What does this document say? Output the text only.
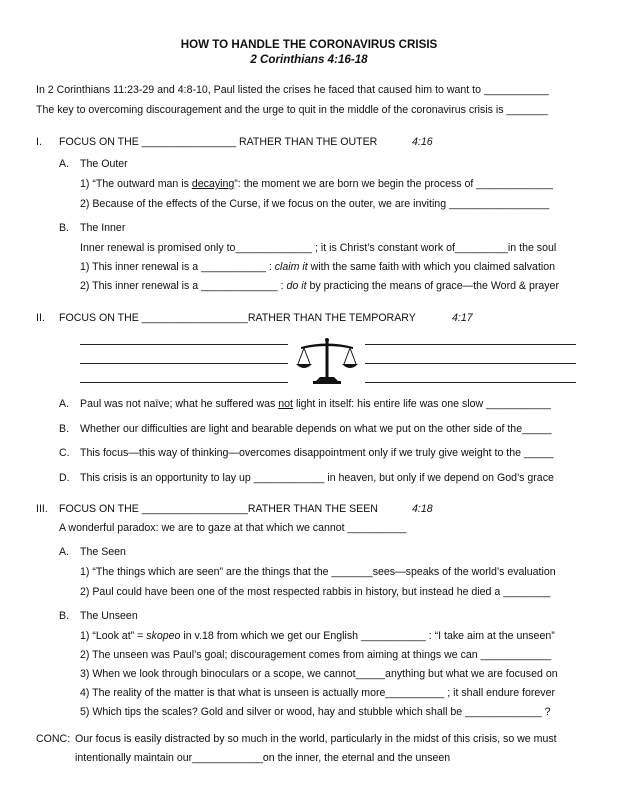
HOW TO HANDLE THE CORONAVIRUS CRISIS
2 Corinthians 4:16-18
In 2 Corinthians 11:23-29 and 4:8-10, Paul listed the crises he faced that caused him to want to ___________
The key to overcoming discouragement and the urge to quit in the middle of the coronavirus crisis is _______
I. FOCUS ON THE ________________ RATHER THAN THE OUTER	4:16
A. The Outer
1) “The outward man is decaying”: the moment we are born we begin the process of _____________
2) Because of the effects of the Curse, if we focus on the outer, we are inviting _________________
B. The Inner
Inner renewal is promised only to_____________ ; it is Christ’s constant work of_________in the soul
1) This inner renewal is a ___________ : claim it with the same faith with which you claimed salvation
2) This inner renewal is a _____________ : do it by practicing the means of grace—the Word & prayer
II. FOCUS ON THE __________________RATHER THAN THE TEMPORARY	4:17
A. Paul was not naïve; what he suffered was not light in itself: his entire life was one slow ___________
B. Whether our difficulties are light and bearable depends on what we put on the other side of the_____
C. This focus—this way of thinking—overcomes disappointment only if we truly give weight to the _____
D. This crisis is an opportunity to lay up ____________ in heaven, but only if we depend on God’s grace
III. FOCUS ON THE __________________RATHER THAN THE SEEN	4:18
A wonderful paradox: we are to gaze at that which we cannot __________
A. The Seen
1) “The things which are seen” are the things that the _______sees—speaks of the world’s evaluation
2) Paul could have been one of the most respected rabbis in history, but instead he died a ________
B. The Unseen
1) “Look at” = skopeo in v.18 from which we get our English ___________ : “I take aim at the unseen”
2) The unseen was Paul’s goal; discouragement comes from aiming at things we can ____________
3) When we look through binoculars or a scope, we cannot_____anything but what we are focused on
4) The reality of the matter is that what is unseen is actually more__________ ; it shall endure forever
5) Which tips the scales? Gold and silver or wood, hay and stubble which shall be _____________ ?
CONC: Our focus is easily distracted by so much in the world, particularly in the midst of this crisis, so we must
intentionally maintain our____________on the inner, the eternal and the unseen
